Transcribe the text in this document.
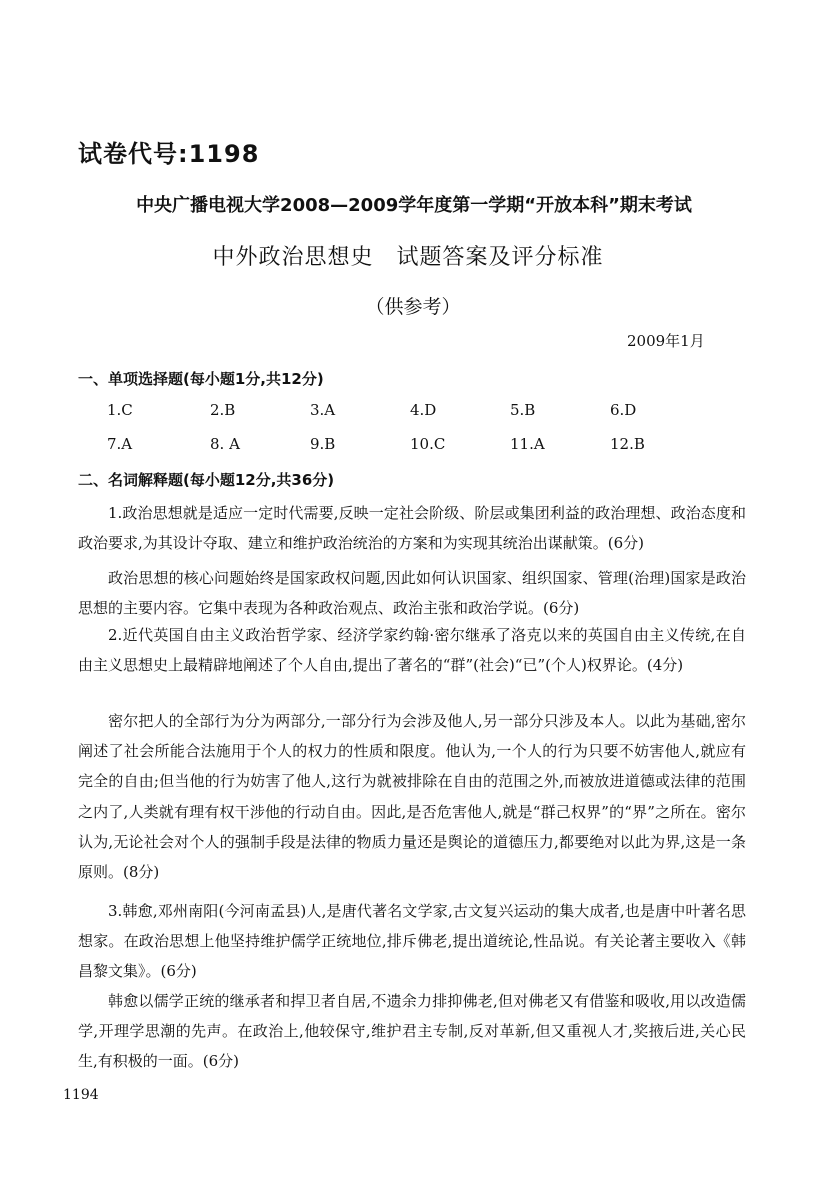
试卷代号:1198
中央广播电视大学2008—2009学年度第一学期“开放本科”期末考试
中外政治思想史　试题答案及评分标准
（供参考）
2009年1月
一、单项选择题(每小题1分,共12分)
1.C	2.B	3.A	4.D	5.B	6.D
7.A	8. A	9.B	10.C	11.A	12.B
二、名词解释题(每小题12分,共36分)

1.政治思想就是适应一定时代需要,反映一定社会阶级、阶层或集团利益的政治理想、政治态度和政治要求,为其设计夺取、建立和维护政治统治的方案和为实现其统治出谋献策。(6分)

政治思想的核心问题始终是国家政权问题,因此如何认识国家、组织国家、管理(治理)国家是政治思想的主要内容。它集中表现为各种政治观点、政治主张和政治学说。(6分)

2.近代英国自由主义政治哲学家、经济学家约翰·密尔继承了洛克以来的英国自由主义传统,在自由主义思想史上最精辟地阐述了个人自由,提出了著名的“群”(社会)“已”(个人)权界论。(4分)

密尔把人的全部行为分为两部分,一部分行为会涉及他人,另一部分只涉及本人。以此为基础,密尔阐述了社会所能合法施用于个人的权力的性质和限度。他认为,一个人的行为只要不妨害他人,就应有完全的自由;但当他的行为妨害了他人,这行为就被排除在自由的范围之外,而被放进道德或法律的范围之内了,人类就有理有权干涉他的行动自由。因此,是否危害他人,就是“群己权界”的“界”之所在。密尔认为,无论社会对个人的强制手段是法律的物质力量还是舆论的道德压力,都要绝对以此为界,这是一条原则。(8分)

3.韩愈,邓州南阳(今河南孟县)人,是唐代著名文学家,古文复兴运动的集大成者,也是唐中叶著名思想家。在政治思想上他坚持维护儒学正统地位,排斥佛老,提出道统论,性品说。有关论著主要收入《韩昌黎文集》。(6分)

韩愈以儒学正统的继承者和捍卫者自居,不遗余力排抑佛老,但对佛老又有借鉴和吸收,用以改造儒学,开理学思潮的先声。在政治上,他较保守,维护君主专制,反对革新,但又重视人才,奖掖后进,关心民生,有积极的一面。(6分)

1194
